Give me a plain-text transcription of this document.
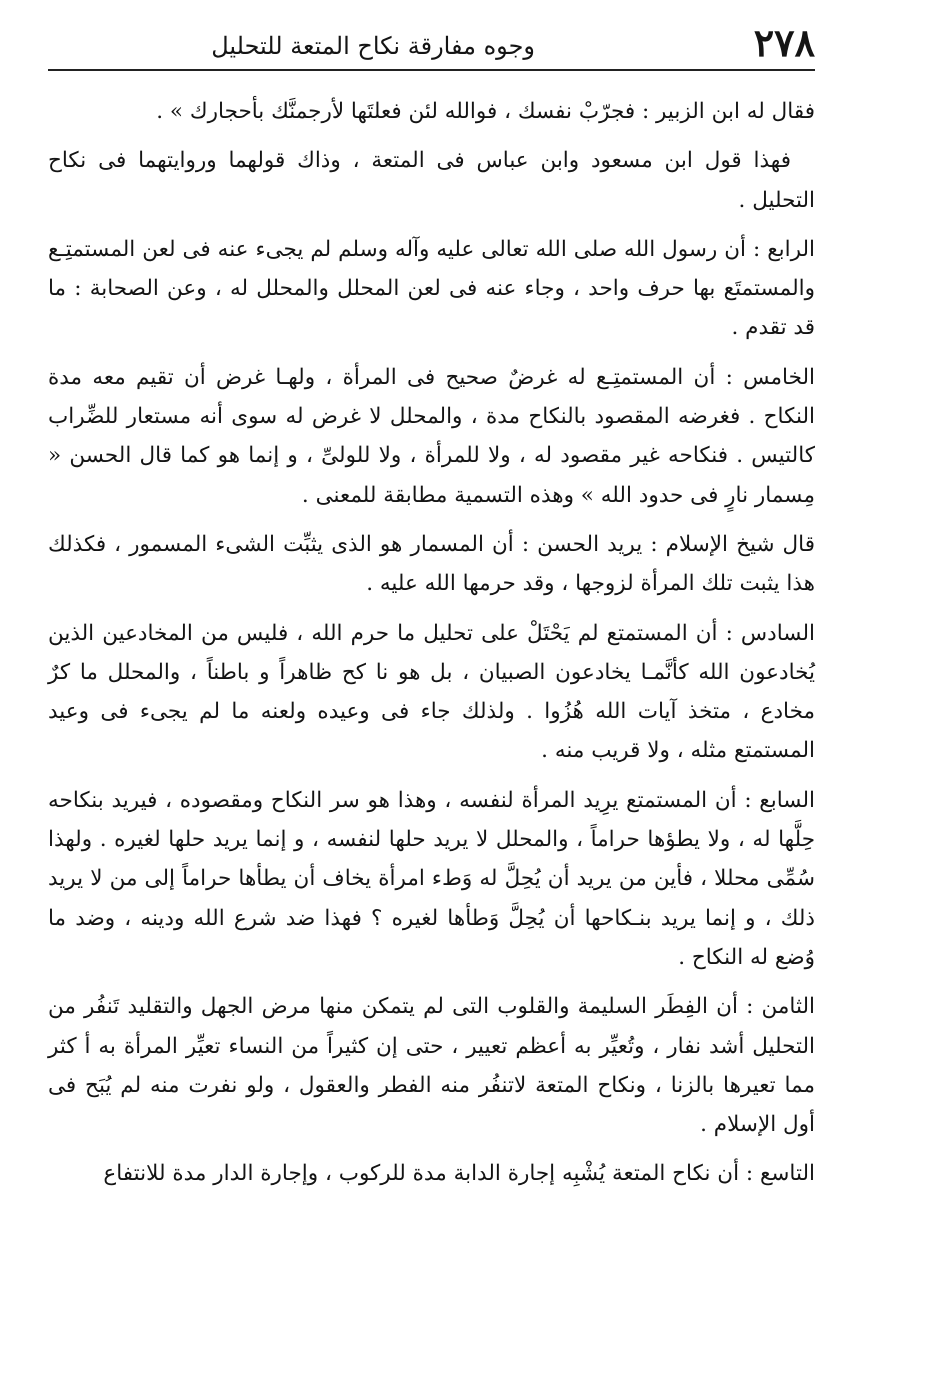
٢٧٨
وجوه مفارقة نكاح المتعة للتحليل

فقال له ابن الزبير : فجرّبْ نفسك ، فوالله لئن فعلتَها لأرجمنَّك بأحجارك » .

فهذا قول ابن مسعود وابن عباس فى المتعة ، وذاك قولهما وروايتهما فى نكاح التحليل .

الرابع : أن رسول الله صلى الله تعالى عليه وآله وسلم لم يجىء عنه فى لعن المستمتِـع والمستمتَع بها حرف واحد ، وجاء عنه فى لعن المحلل والمحلل له ، وعن الصحابة : ما قد تقدم .

الخامس : أن المستمتِـع له غرضٌ صحيح فى المرأة ، ولهـا غرض أن تقيم معه مدة النكاح . فغرضه المقصود بالنكاح مدة ، والمحلل لا غرض له سوى أنه مستعار للضِّراب كالتيس . فنكاحه غير مقصود له ، ولا للمرأة ، ولا للولىِّ ، و إنما هو كما قال الحسن « مِسمار نارٍ فى حدود الله » وهذه التسمية مطابقة للمعنى .

قال شيخ الإسلام : يريد الحسن : أن المسمار هو الذى يثبِّت الشىء المسمور ، فكذلك هذا يثبت تلك المرأة لزوجها ، وقد حرمها الله عليه .

السادس : أن المستمتع لم يَحْتَلْ على تحليل ما حرم الله ، فليس من المخادعين الذين يُخادعون الله كأنَّمـا يخادعون الصبيان ، بل هو نا كح ظاهراً و باطناً ، والمحلل ما كرٌ مخادع ، متخذ آيات الله هُزُوا . ولذلك جاء فى وعيده ولعنه ما لم يجىء فى وعيد المستمتع مثله ، ولا قريب منه .

السابع : أن المستمتع يرِيد المرأة لنفسه ، وهذا هو سر النكاح ومقصوده ، فيريد بنكاحه حِلَّها له ، ولا يطؤها حراماً ، والمحلل لا يريد حلها لنفسه ، و إنما يريد حلها لغيره . ولهذا سُمِّى محللا ، فأين من يريد أن يُحِلَّ له وَطء امرأة يخاف أن يطأها حراماً إلى من لا يريد ذلك ، و إنما يريد بنـكاحها أن يُحِلَّ وَطأها لغيره ؟ فهذا ضد شرع الله ودينه ، وضد ما وُضع له النكاح .

الثامن : أن الفِطَر السليمة والقلوب التى لم يتمكن منها مرض الجهل والتقليد تَنفُر من التحليل أشد نفار ، وتُعيِّر به أعظم تعيير ، حتى إن كثيراً من النساء تعيِّر المرأة به أ كثر مما تعيرها بالزنا ، ونكاح المتعة لاتنفُر منه الفطر والعقول ، ولو نفرت منه لم يُبَح فى أول الإسلام .

التاسع : أن نكاح المتعة يُشْبِه إجارة الدابة مدة للركوب ، وإجارة الدار مدة للانتفاع
